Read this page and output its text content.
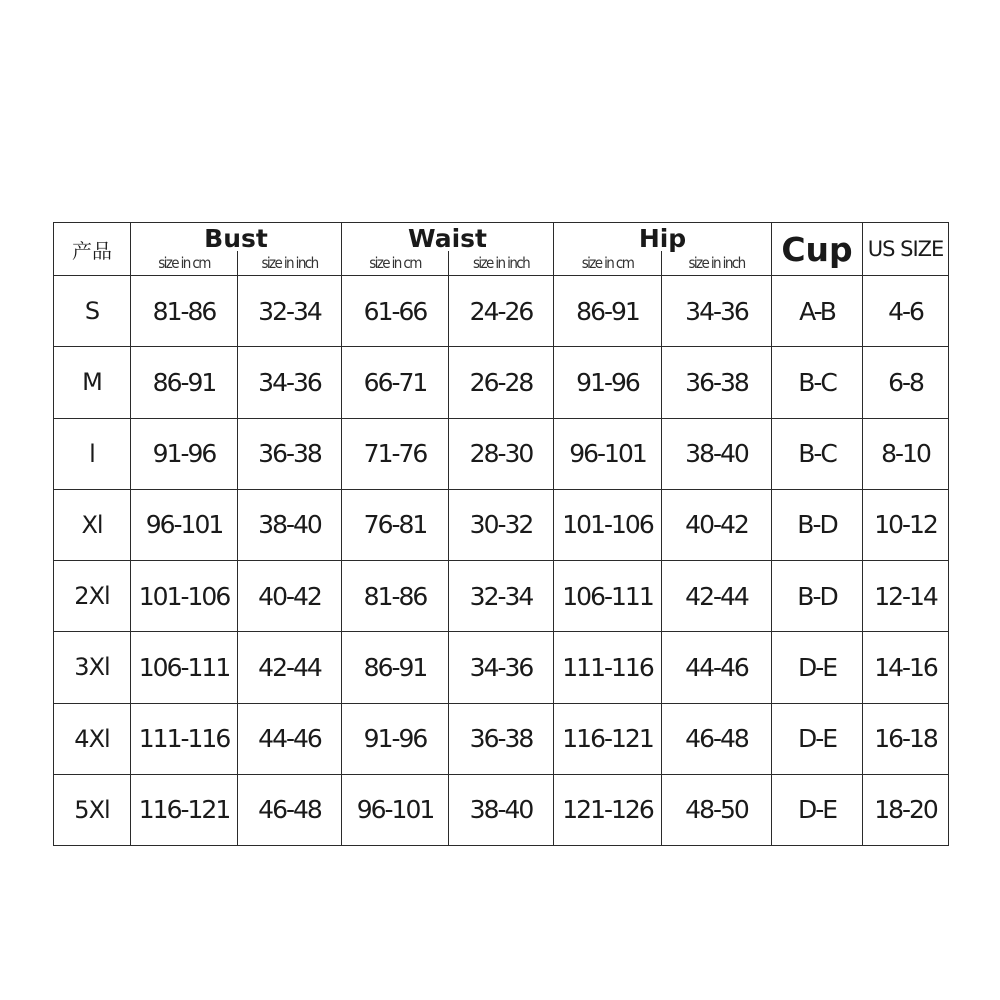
产品	Bust		Waist		Hip		Cup	US SIZE
	size in cm	size in inch	size in cm	size in inch	size in cm	size in inch		
S	81-86	32-34	61-66	24-26	86-91	34-36	A-B	4-6
M	86-91	34-36	66-71	26-28	91-96	36-38	B-C	6-8
l	91-96	36-38	71-76	28-30	96-101	38-40	B-C	8-10
Xl	96-101	38-40	76-81	30-32	101-106	40-42	B-D	10-12
2Xl	101-106	40-42	81-86	32-34	106-111	42-44	B-D	12-14
3Xl	106-111	42-44	86-91	34-36	111-116	44-46	D-E	14-16
4Xl	111-116	44-46	91-96	36-38	116-121	46-48	D-E	16-18
5Xl	116-121	46-48	96-101	38-40	121-126	48-50	D-E	18-20
